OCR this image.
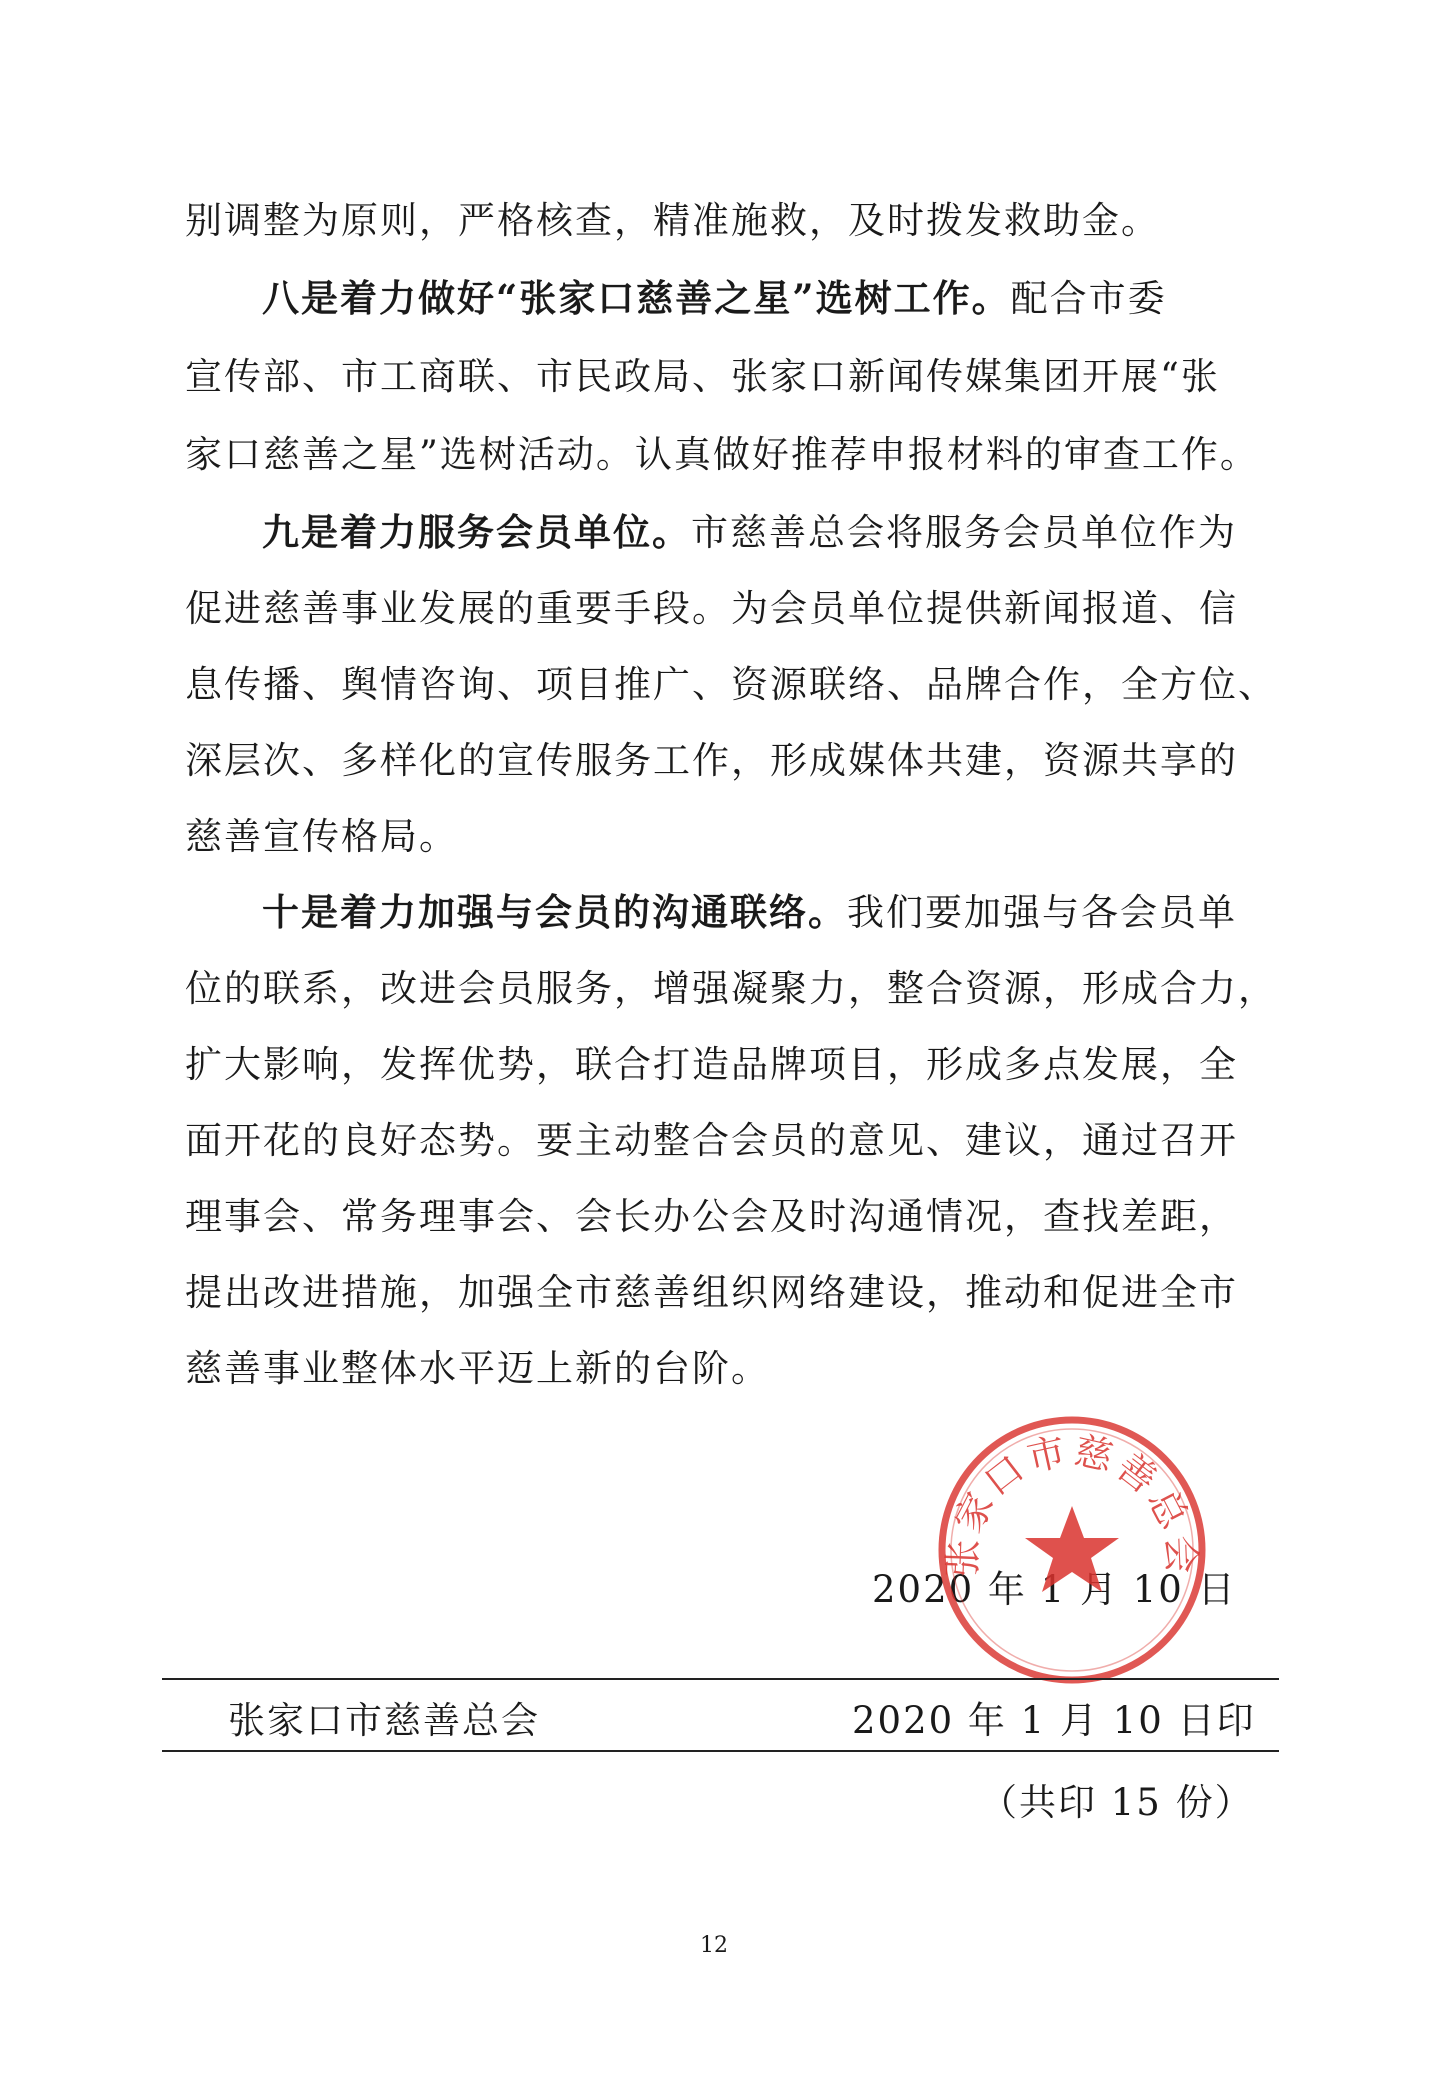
别调整为原则，严格核查，精准施救，及时拨发救助金。
八是着力做好“张家口慈善之星”选树工作。配合市委
宣传部、市工商联、市民政局、张家口新闻传媒集团开展“张
家口慈善之星”选树活动。认真做好推荐申报材料的审查工作。
九是着力服务会员单位。市慈善总会将服务会员单位作为
促进慈善事业发展的重要手段。为会员单位提供新闻报道、信
息传播、舆情咨询、项目推广、资源联络、品牌合作，全方位、
深层次、多样化的宣传服务工作，形成媒体共建，资源共享的
慈善宣传格局。
十是着力加强与会员的沟通联络。我们要加强与各会员单
位的联系，改进会员服务，增强凝聚力，整合资源，形成合力，
扩大影响，发挥优势，联合打造品牌项目，形成多点发展，全
面开花的良好态势。要主动整合会员的意见、建议，通过召开
理事会、常务理事会、会长办公会及时沟通情况，查找差距，
提出改进措施，加强全市慈善组织网络建设，推动和促进全市
慈善事业整体水平迈上新的台阶。
2020 年 1 月 10 日
张家口市慈善总会
张家口市慈善总会	2020 年 1 月 10 日印
（共印 15 份）
12
